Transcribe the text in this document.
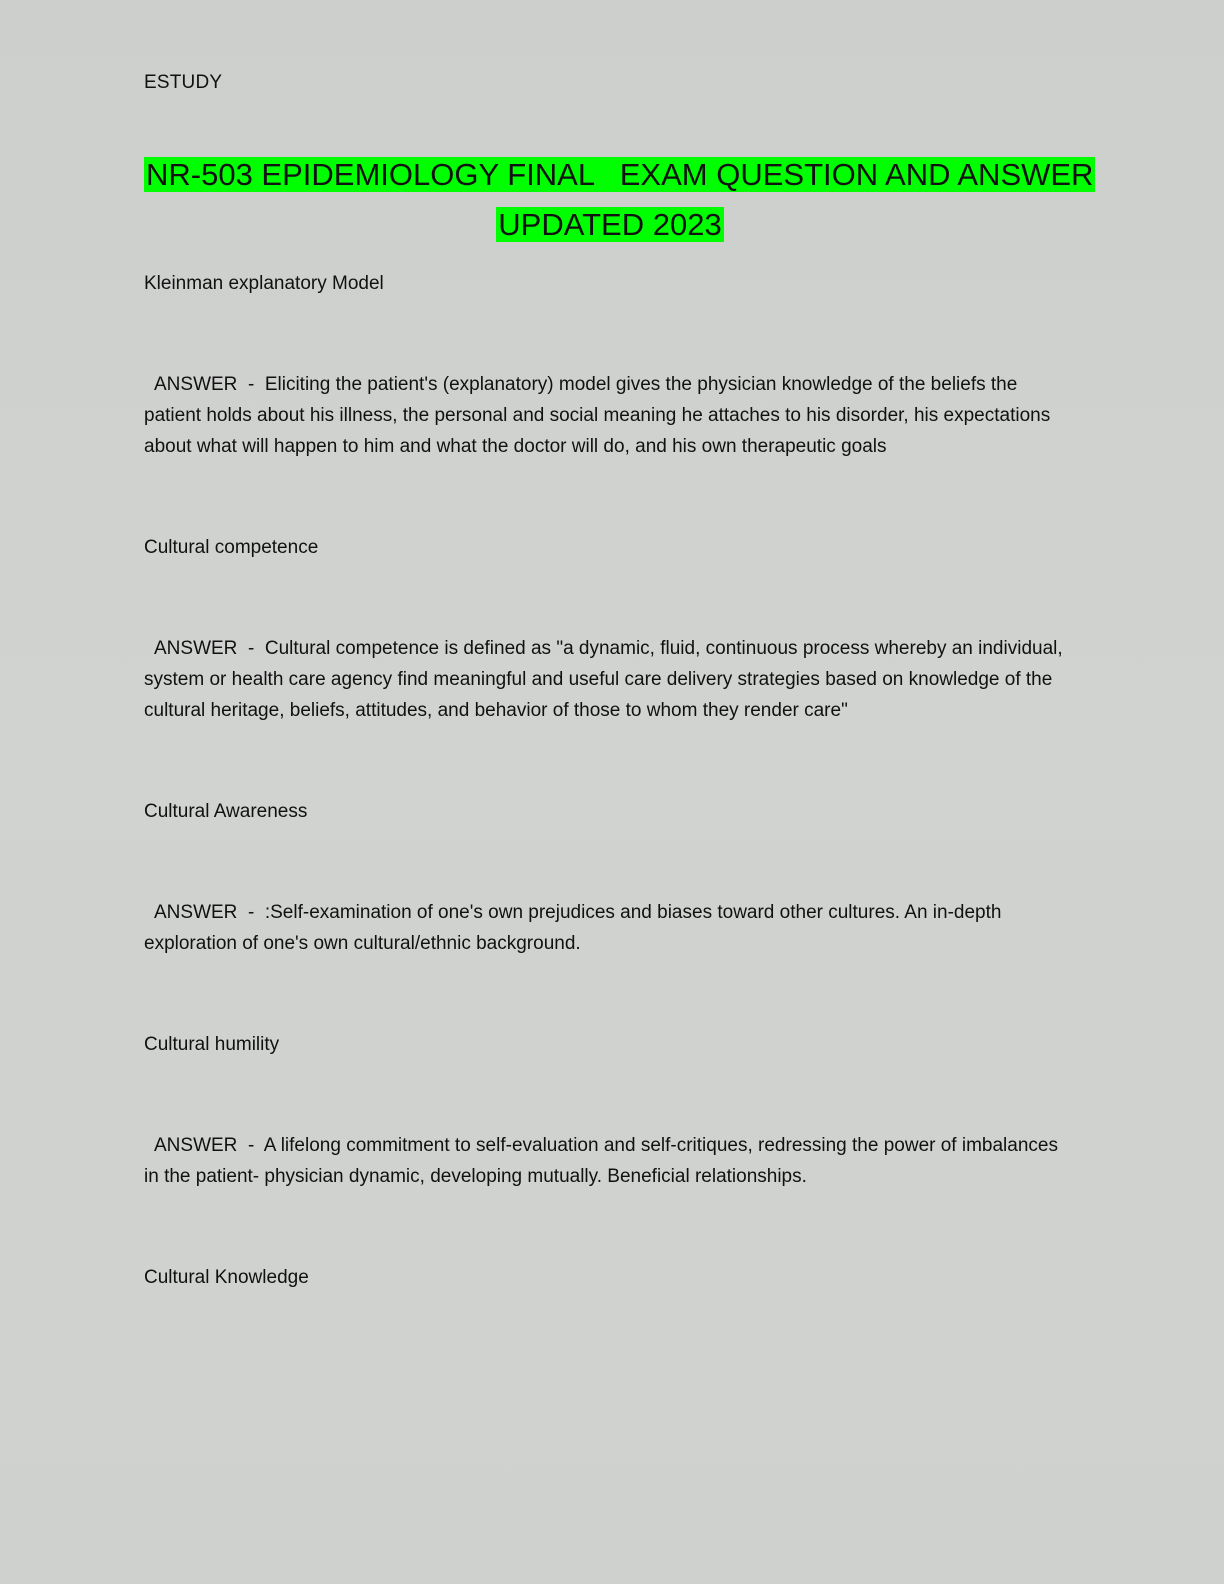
ESTUDY
NR-503 EPIDEMIOLOGY FINAL   EXAM QUESTION AND ANSWER
UPDATED 2023

Kleinman explanatory Model

ANSWER  -  Eliciting the patient's (explanatory) model gives the physician knowledge of the beliefs the patient holds about his illness, the personal and social meaning he attaches to his disorder, his expectations about what will happen to him and what the doctor will do, and his own therapeutic goals

Cultural competence

ANSWER  -  Cultural competence is defined as "a dynamic, fluid, continuous process whereby an individual, system or health care agency find meaningful and useful care delivery strategies based on knowledge of the cultural heritage, beliefs, attitudes, and behavior of those to whom they render care"

Cultural Awareness

ANSWER  -  :Self-examination of one's own prejudices and biases toward other cultures. An in-depth exploration of one's own cultural/ethnic background.

Cultural humility

ANSWER  -  A lifelong commitment to self-evaluation and self-critiques, redressing the power of imbalances in the patient- physician dynamic, developing mutually. Beneficial relationships.

Cultural Knowledge
